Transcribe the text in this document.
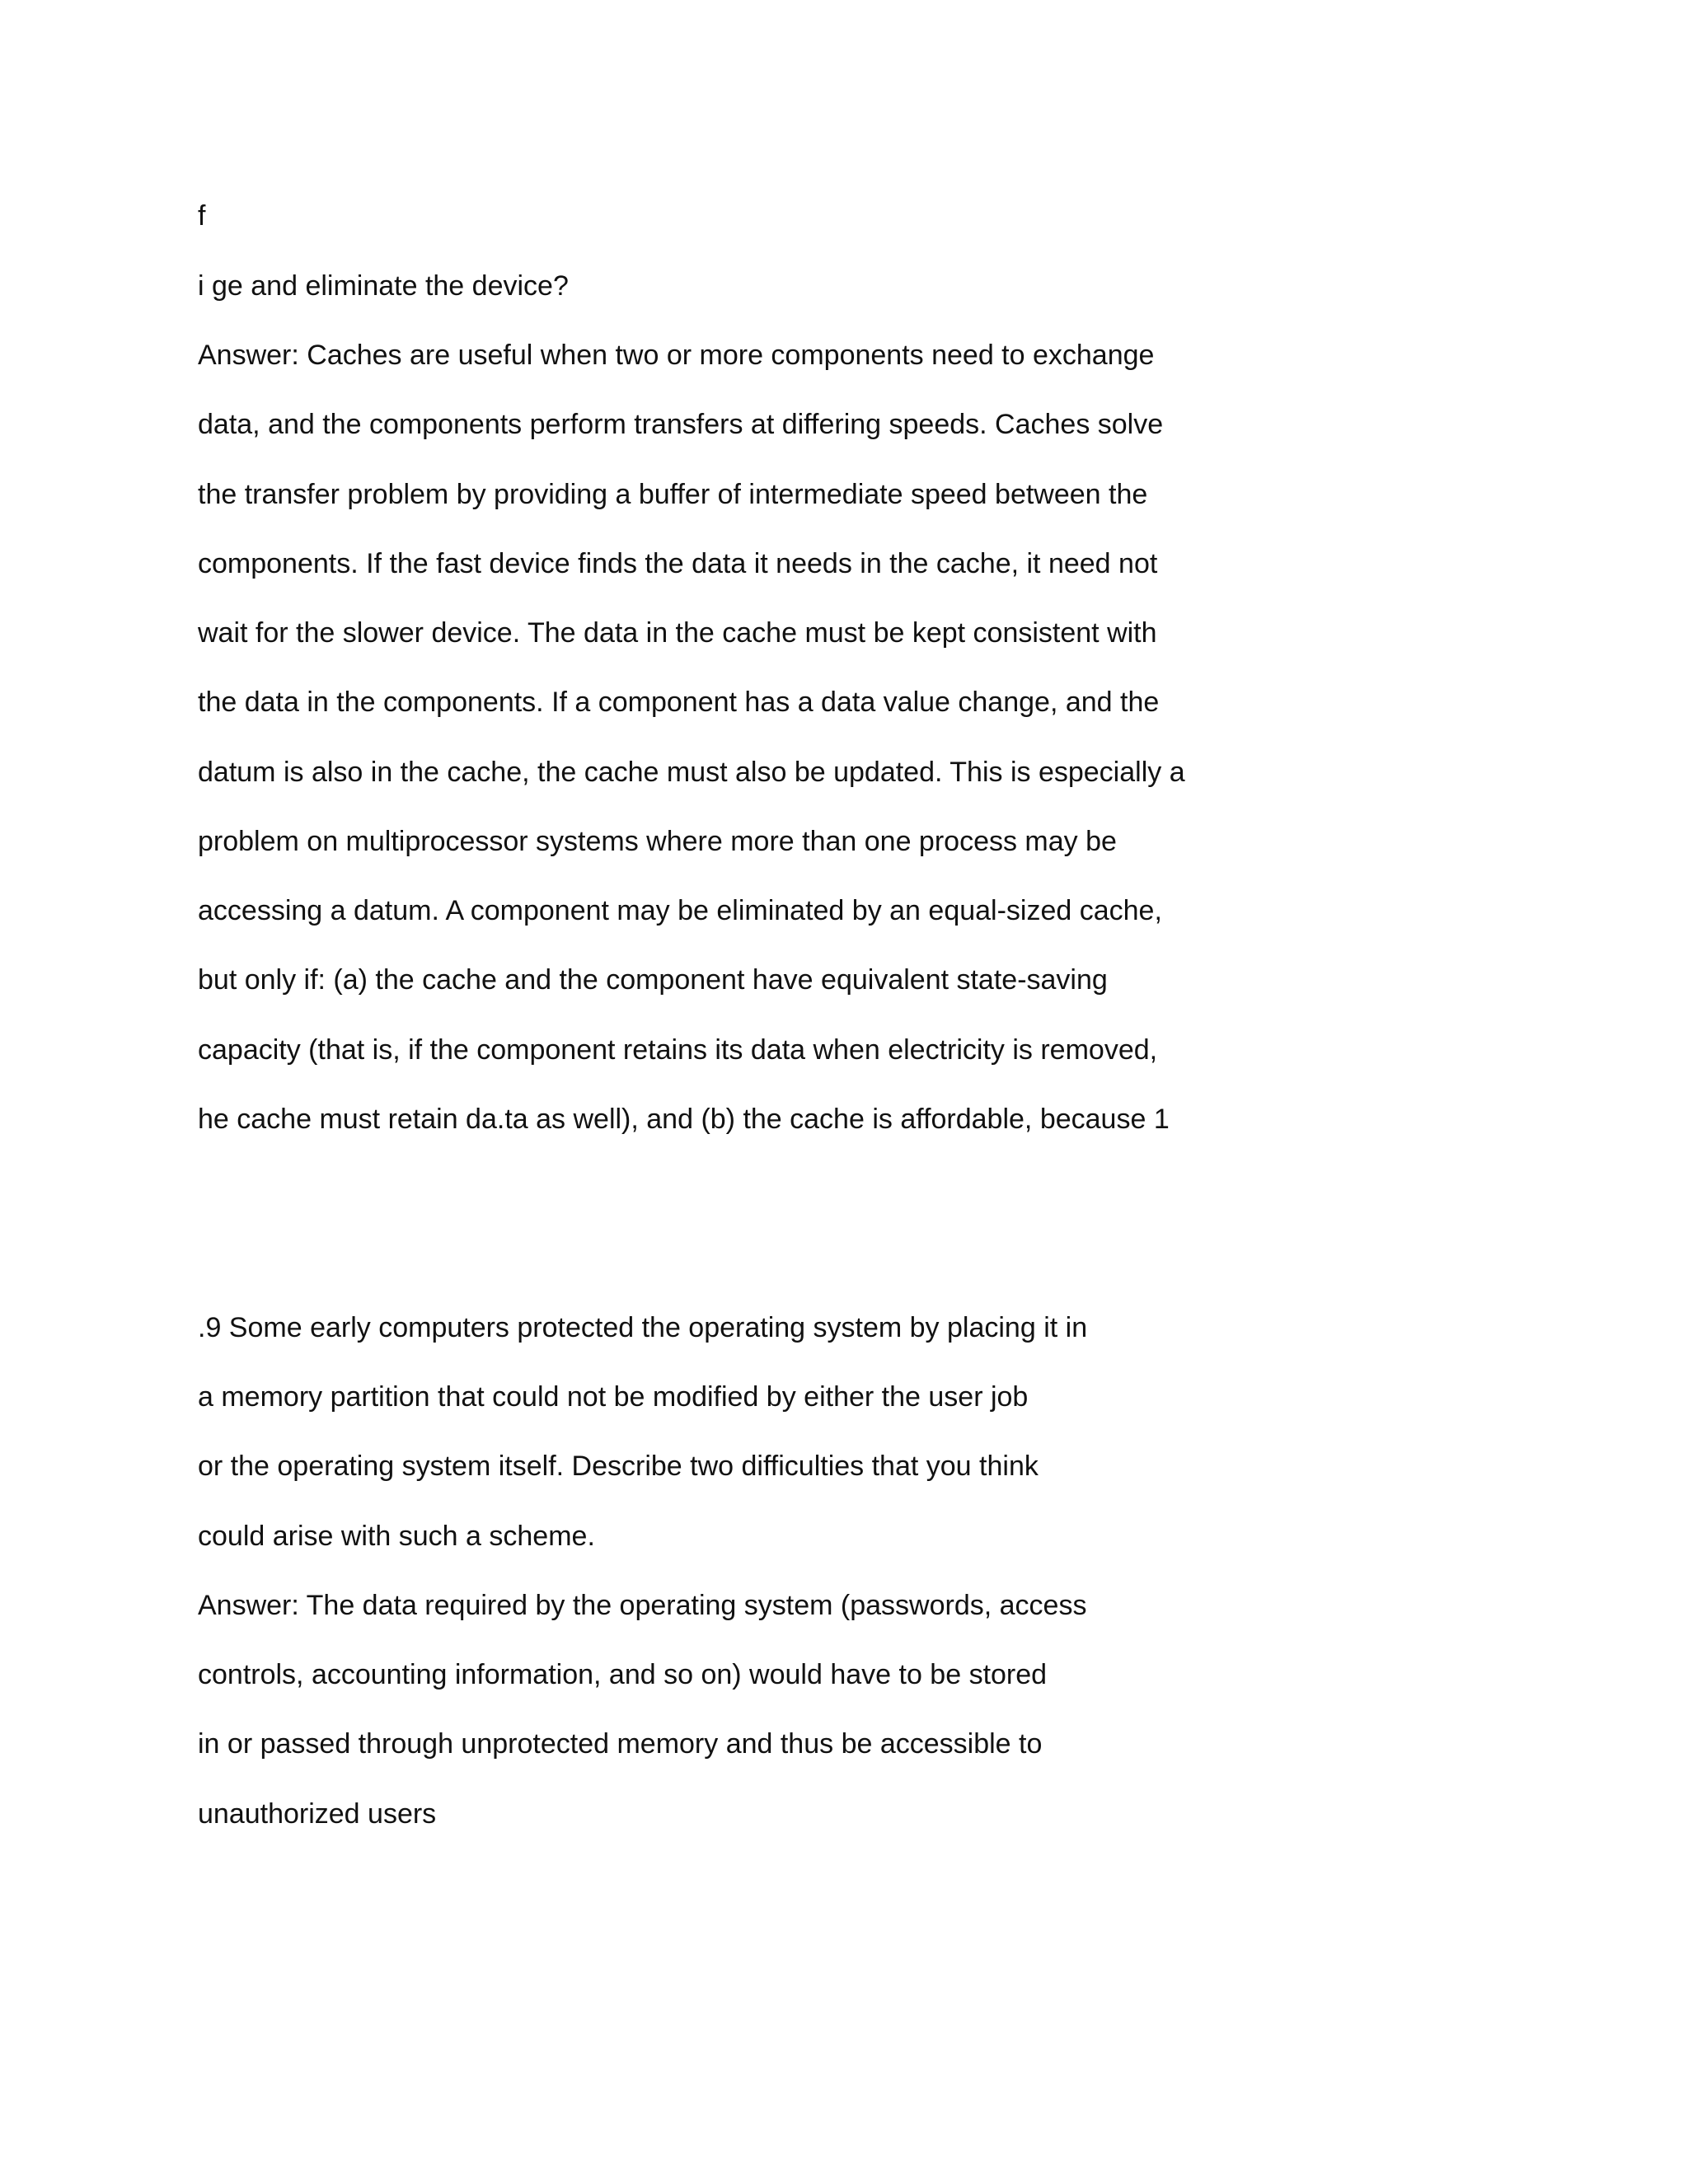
f
i ge and eliminate the device?
Answer: Caches are useful when two or more components need to exchange
data, and the components perform transfers at differing speeds. Caches solve
the transfer problem by providing a buffer of intermediate speed between the
components. If the fast device finds the data it needs in the cache, it need not
wait for the slower device. The data in the cache must be kept consistent with
the data in the components. If a component has a data value change, and the
datum is also in the cache, the cache must also be updated. This is especially a
problem on multiprocessor systems where more than one process may be
accessing a datum. A component may be eliminated by an equal-sized cache,
but only if: (a) the cache and the component have equivalent state-saving
capacity (that is, if the component retains its data when electricity is removed,
he cache must retain da.ta as well), and (b) the cache is affordable, because 1
.9 Some early computers protected the operating system by placing it in
a memory partition that could not be modified by either the user job
or the operating system itself. Describe two difficulties that you think
could arise with such a scheme.
Answer: The data required by the operating system (passwords, access
controls, accounting information, and so on) would have to be stored
in or passed through unprotected memory and thus be accessible to
unauthorized users
